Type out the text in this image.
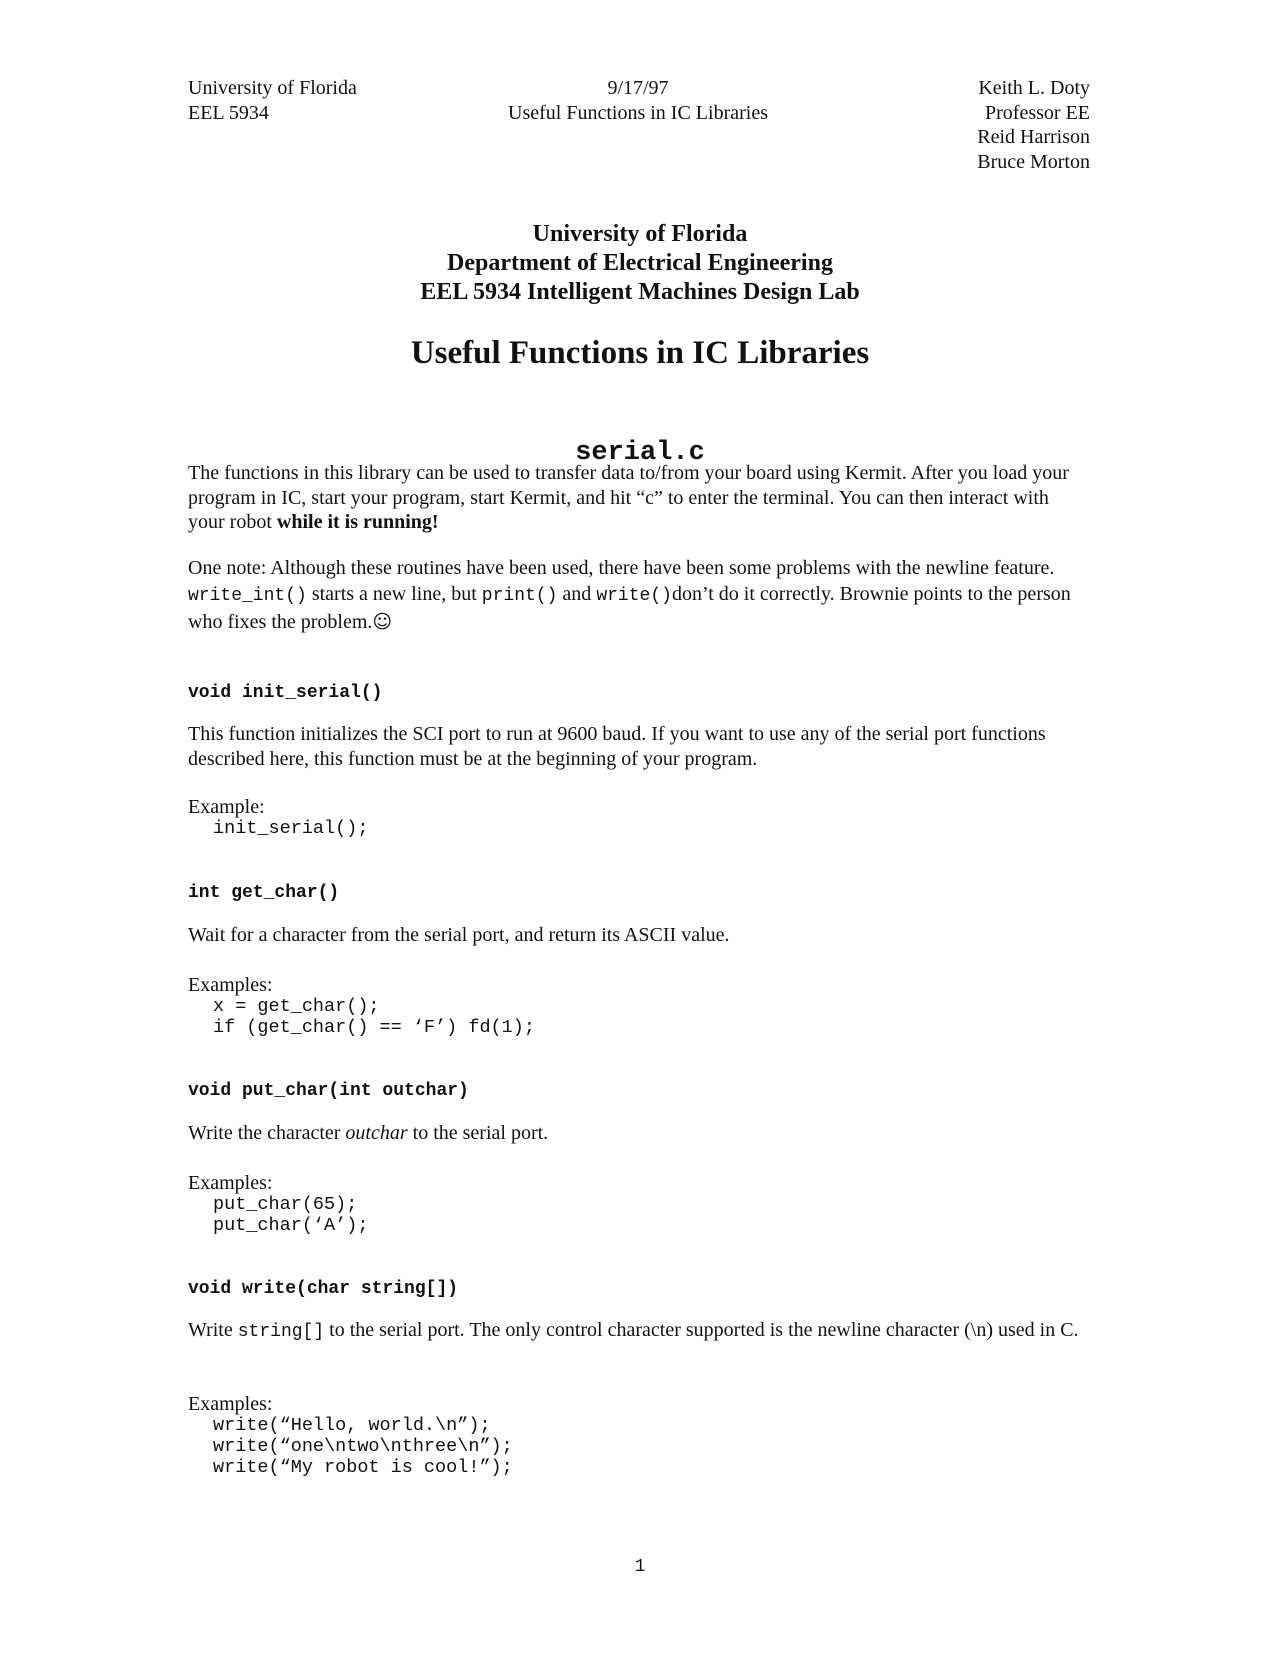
University of Florida
EEL 5934
9/17/97
Useful Functions in IC Libraries
Keith L. Doty
Professor EE
Reid Harrison
Bruce Morton
University of Florida
Department of Electrical Engineering
EEL 5934 Intelligent Machines Design Lab
Useful Functions in IC Libraries
serial.c
The functions in this library can be used to transfer data to/from your board using Kermit. After you load your program in IC, start your program, start Kermit, and hit “c” to enter the terminal. You can then interact with your robot while it is running!
One note: Although these routines have been used, there have been some problems with the newline feature. write_int() starts a new line, but print() and write()don’t do it correctly. Brownie points to the person who fixes the problem.☺
void init_serial()
This function initializes the SCI port to run at 9600 baud. If you want to use any of the serial port functions described here, this function must be at the beginning of your program.
Example:
init_serial();
int get_char()
Wait for a character from the serial port, and return its ASCII value.
Examples:
x = get_char();
if (get_char() == ‘F’) fd(1);
void put_char(int outchar)
Write the character outchar to the serial port.
Examples:
put_char(65);
put_char(‘A’);
void write(char string[])
Write string[] to the serial port. The only control character supported is the newline character (\n) used in C.
Examples:
write(“Hello, world.\n”);
write(“one\ntwo\nthree\n”);
write(“My robot is cool!”);
1
